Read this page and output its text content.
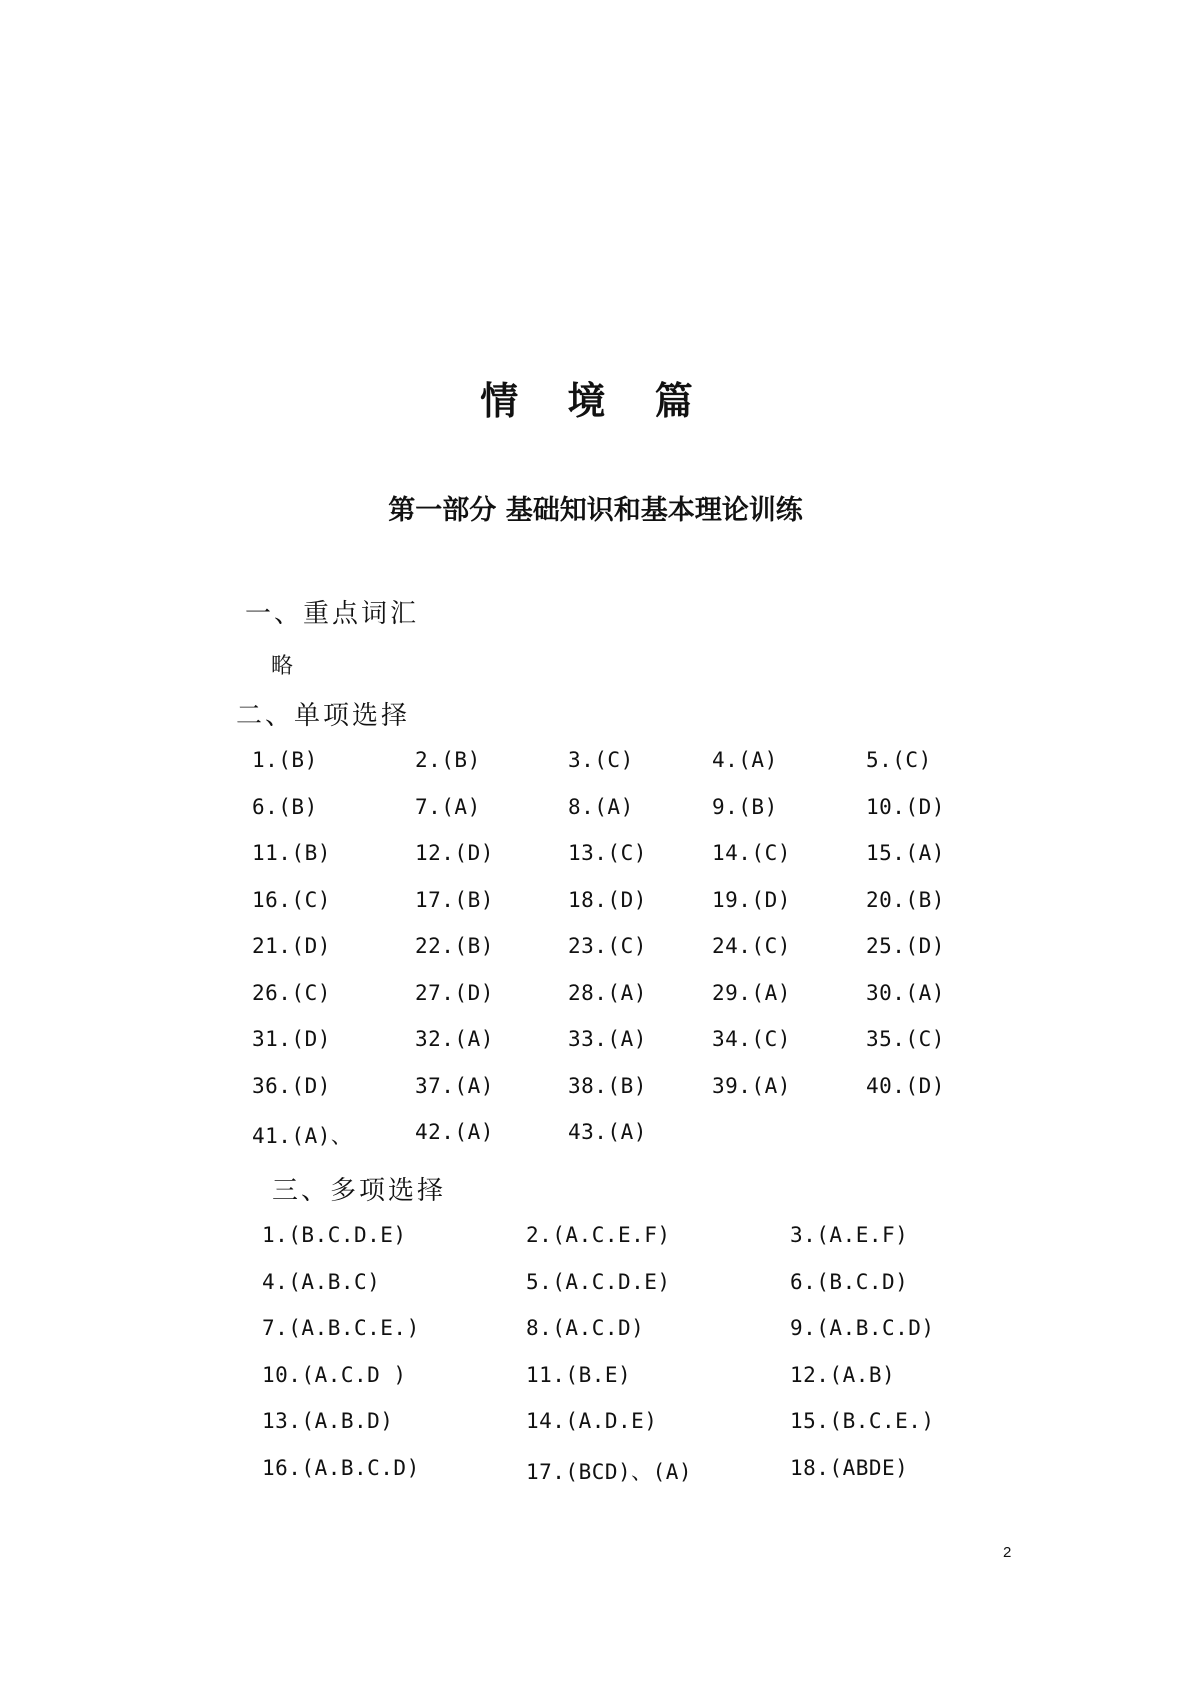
情 境 篇
第一部分 基础知识和基本理论训练
一、重点词汇
略
二、单项选择
1.(B)	2.(B)	3.(C)	4.(A)	5.(C)
6.(B)	7.(A)	8.(A)	9.(B)	10.(D)
11.(B)	12.(D)	13.(C)	14.(C)	15.(A)
16.(C)	17.(B)	18.(D)	19.(D)	20.(B)
21.(D)	22.(B)	23.(C)	24.(C)	25.(D)
26.(C)	27.(D)	28.(A)	29.(A)	30.(A)
31.(D)	32.(A)	33.(A)	34.(C)	35.(C)
36.(D)	37.(A)	38.(B)	39.(A)	40.(D)
41.(A)、	42.(A)	43.(A)
三、多项选择
1.(B.C.D.E)	2.(A.C.E.F)	3.(A.E.F)
4.(A.B.C)	5.(A.C.D.E)	6.(B.C.D)
7.(A.B.C.E.)	8.(A.C.D)	9.(A.B.C.D)
10.(A.C.D )	11.(B.E)	12.(A.B)
13.(A.B.D)	14.(A.D.E)	15.(B.C.E.)
16.(A.B.C.D)	17.(BCD)、(A)	18.(ABDE)
2
